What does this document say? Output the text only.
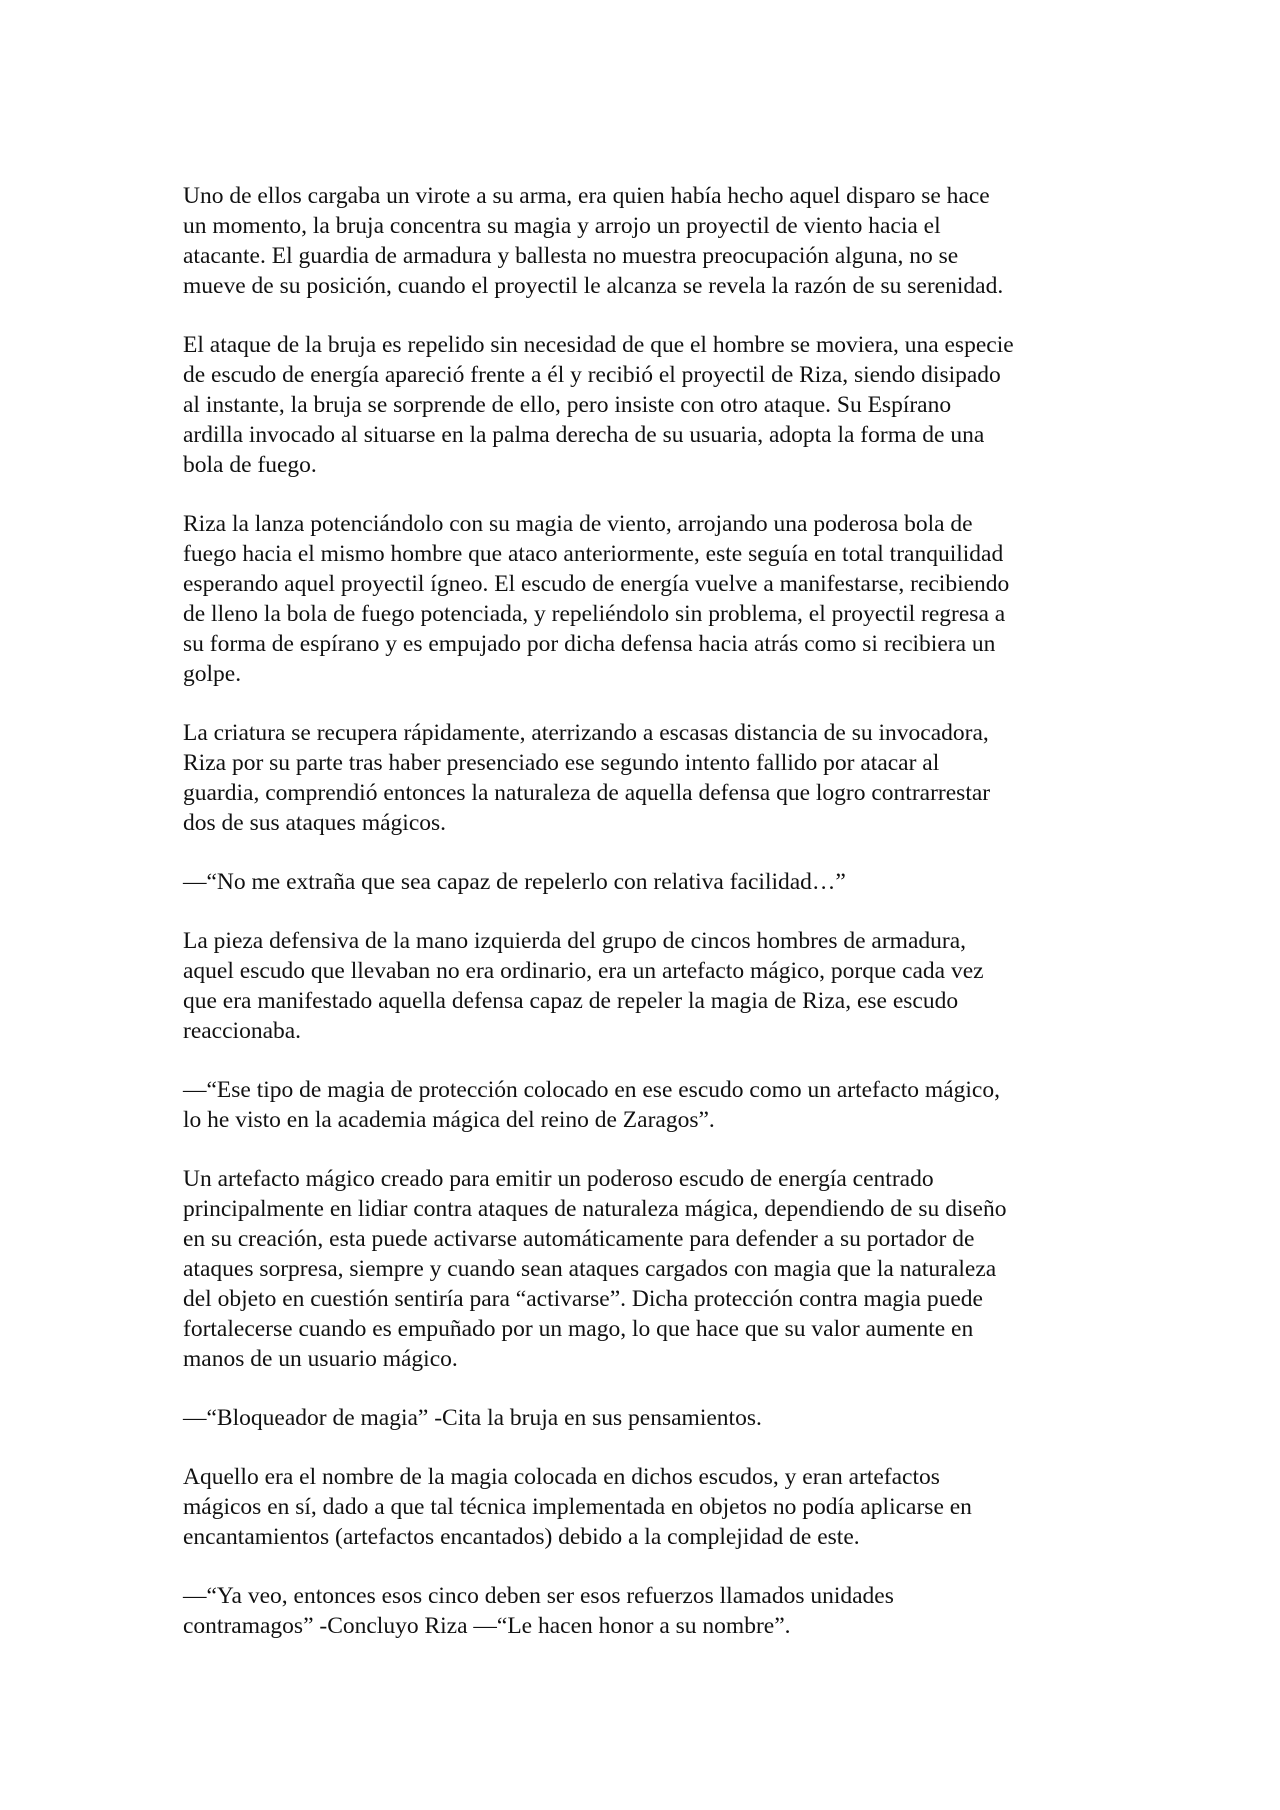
Uno de ellos cargaba un virote a su arma, era quien había hecho aquel disparo se hace
un momento, la bruja concentra su magia y arrojo un proyectil de viento hacia el
atacante. El guardia de armadura y ballesta no muestra preocupación alguna, no se
mueve de su posición, cuando el proyectil le alcanza se revela la razón de su serenidad.

El ataque de la bruja es repelido sin necesidad de que el hombre se moviera, una especie
de escudo de energía apareció frente a él y recibió el proyectil de Riza, siendo disipado
al instante, la bruja se sorprende de ello, pero insiste con otro ataque. Su Espírano
ardilla invocado al situarse en la palma derecha de su usuaria, adopta la forma de una
bola de fuego.

Riza la lanza potenciándolo con su magia de viento, arrojando una poderosa bola de
fuego hacia el mismo hombre que ataco anteriormente, este seguía en total tranquilidad
esperando aquel proyectil ígneo. El escudo de energía vuelve a manifestarse, recibiendo
de lleno la bola de fuego potenciada, y repeliéndolo sin problema, el proyectil regresa a
su forma de espírano y es empujado por dicha defensa hacia atrás como si recibiera un
golpe.

La criatura se recupera rápidamente, aterrizando a escasas distancia de su invocadora,
Riza por su parte tras haber presenciado ese segundo intento fallido por atacar al
guardia, comprendió entonces la naturaleza de aquella defensa que logro contrarrestar
dos de sus ataques mágicos.

—“No me extraña que sea capaz de repelerlo con relativa facilidad…”

La pieza defensiva de la mano izquierda del grupo de cincos hombres de armadura,
aquel escudo que llevaban no era ordinario, era un artefacto mágico, porque cada vez
que era manifestado aquella defensa capaz de repeler la magia de Riza, ese escudo
reaccionaba.

—“Ese tipo de magia de protección colocado en ese escudo como un artefacto mágico,
lo he visto en la academia mágica del reino de Zaragos”.

Un artefacto mágico creado para emitir un poderoso escudo de energía centrado
principalmente en lidiar contra ataques de naturaleza mágica, dependiendo de su diseño
en su creación, esta puede activarse automáticamente para defender a su portador de
ataques sorpresa, siempre y cuando sean ataques cargados con magia que la naturaleza
del objeto en cuestión sentiría para “activarse”. Dicha protección contra magia puede
fortalecerse cuando es empuñado por un mago, lo que hace que su valor aumente en
manos de un usuario mágico.

—“Bloqueador de magia” -Cita la bruja en sus pensamientos.

Aquello era el nombre de la magia colocada en dichos escudos, y eran artefactos
mágicos en sí, dado a que tal técnica implementada en objetos no podía aplicarse en
encantamientos (artefactos encantados) debido a la complejidad de este.

—“Ya veo, entonces esos cinco deben ser esos refuerzos llamados unidades
contramagos” -Concluyo Riza —“Le hacen honor a su nombre”.
